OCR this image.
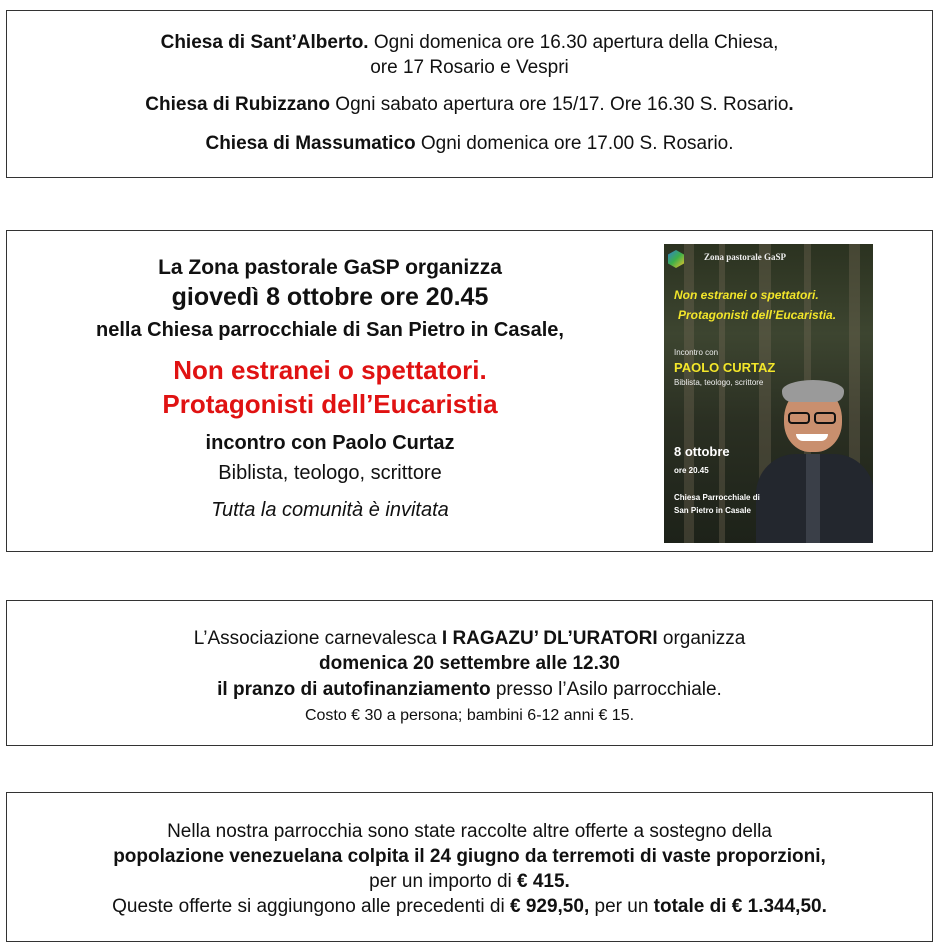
Chiesa di Sant’Alberto. Ogni domenica ore 16.30 apertura della Chiesa,
ore 17 Rosario e Vespri
Chiesa di Rubizzano Ogni sabato apertura ore 15/17. Ore 16.30 S. Rosario.
Chiesa di Massumatico Ogni domenica ore 17.00 S. Rosario.
La Zona pastorale GaSP organizza
giovedì 8 ottobre ore 20.45
nella Chiesa parrocchiale di San Pietro in Casale,
Non estranei o spettatori.
Protagonisti dell’Eucaristia
incontro con Paolo Curtaz
Biblista, teologo, scrittore
Tutta la comunità è invitata
Zona pastorale GaSP
Non estranei o spettatori.
Protagonisti dell’Eucaristia.
Incontro con
PAOLO CURTAZ
Biblista, teologo, scrittore
8 ottobre
ore 20.45
Chiesa Parrocchiale di
San Pietro in Casale
L’Associazione carnevalesca I RAGAZU’ DL’URATORI organizza
domenica 20 settembre alle 12.30
il pranzo di autofinanziamento presso l’Asilo parrocchiale.
Costo € 30 a persona; bambini 6-12 anni € 15.
Nella nostra parrocchia sono state raccolte altre offerte a sostegno della
popolazione venezuelana colpita il 24 giugno da terremoti di vaste proporzioni,
per un importo di € 415.
Queste offerte si aggiungono alle precedenti di € 929,50, per un totale di € 1.344,50.
